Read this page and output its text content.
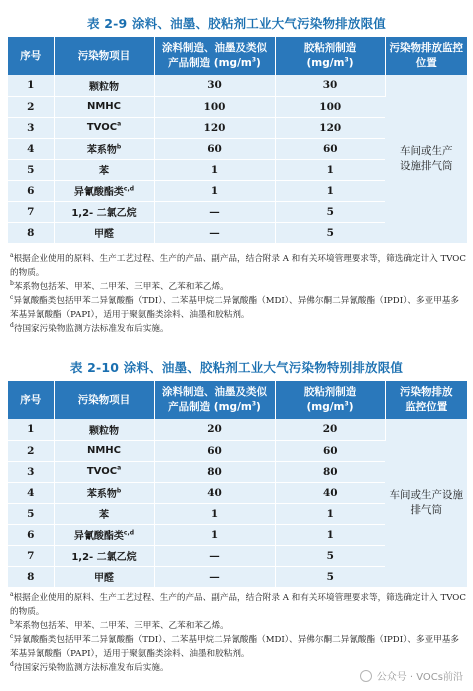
表 2-9 涂料、油墨、胶粘剂工业大气污染物排放限值
序号	污染物项目	涂料制造、油墨及类似
产品制造 $(mg/m^3)$	胶粘剂制造
$(mg/m^3)$	污染物排放监控
位置
1	颗粒物	30	30	车间或生产
设施排气筒
2	NMHC	100	100	
3	TVOC$^a$	120	120	
4	苯系物$^b$	60	60	
5	苯	1	1	
6	异氰酸酯类$^{c,d}$	1	1	
7	1,2- 二氯乙烷	—	5	
8	甲醛	—	5	

$^a$根据企业使用的原料、生产工艺过程、生产的产品、副产品，结合附录 A 和有关环境管理要求等，筛选确定计入 TVOC 的物质。

$^b$苯系物包括苯、甲苯、二甲苯、三甲苯、乙苯和苯乙烯。

$^c$异氰酸酯类包括甲苯二异氰酸酯（TDI）、二苯基甲烷二异氰酸酯（MDI）、异佛尔酮二异氰酸酯（IPDI）、多亚甲基多苯基异氰酸酯（PAPI），适用于聚氨酯类涂料、油墨和胶粘剂。

$^d$待国家污染物监测方法标准发布后实施。

表 2-10 涂料、油墨、胶粘剂工业大气污染物特别排放限值
序号	污染物项目	涂料制造、油墨及类似
产品制造 $(mg/m^3)$	胶粘剂制造
$(mg/m^3)$	污染物排放
监控位置
1	颗粒物	20	20	车间或生产设施
排气筒
2	NMHC	60	60	
3	TVOC$^a$	80	80	
4	苯系物$^b$	40	40	
5	苯	1	1	
6	异氰酸酯类$^{c,d}$	1	1	
7	1,2- 二氯乙烷	—	5	
8	甲醛	—	5	

$^a$根据企业使用的原料、生产工艺过程、生产的产品、副产品，结合附录 A 和有关环境管理要求等，筛选确定计入 TVOC 的物质。

$^b$苯系物包括苯、甲苯、二甲苯、三甲苯、乙苯和苯乙烯。

$^c$异氰酸酯类包括甲苯二异氰酸酯（TDI）、二苯基甲烷二异氰酸酯（MDI）、异佛尔酮二异氰酸酯（IPDI）、多亚甲基多苯基异氰酸酯（PAPI），适用于聚氨酯类涂料、油墨和胶粘剂。

$^d$待国家污染物监测方法标准发布后实施。

公众号 · VOCs前沿
